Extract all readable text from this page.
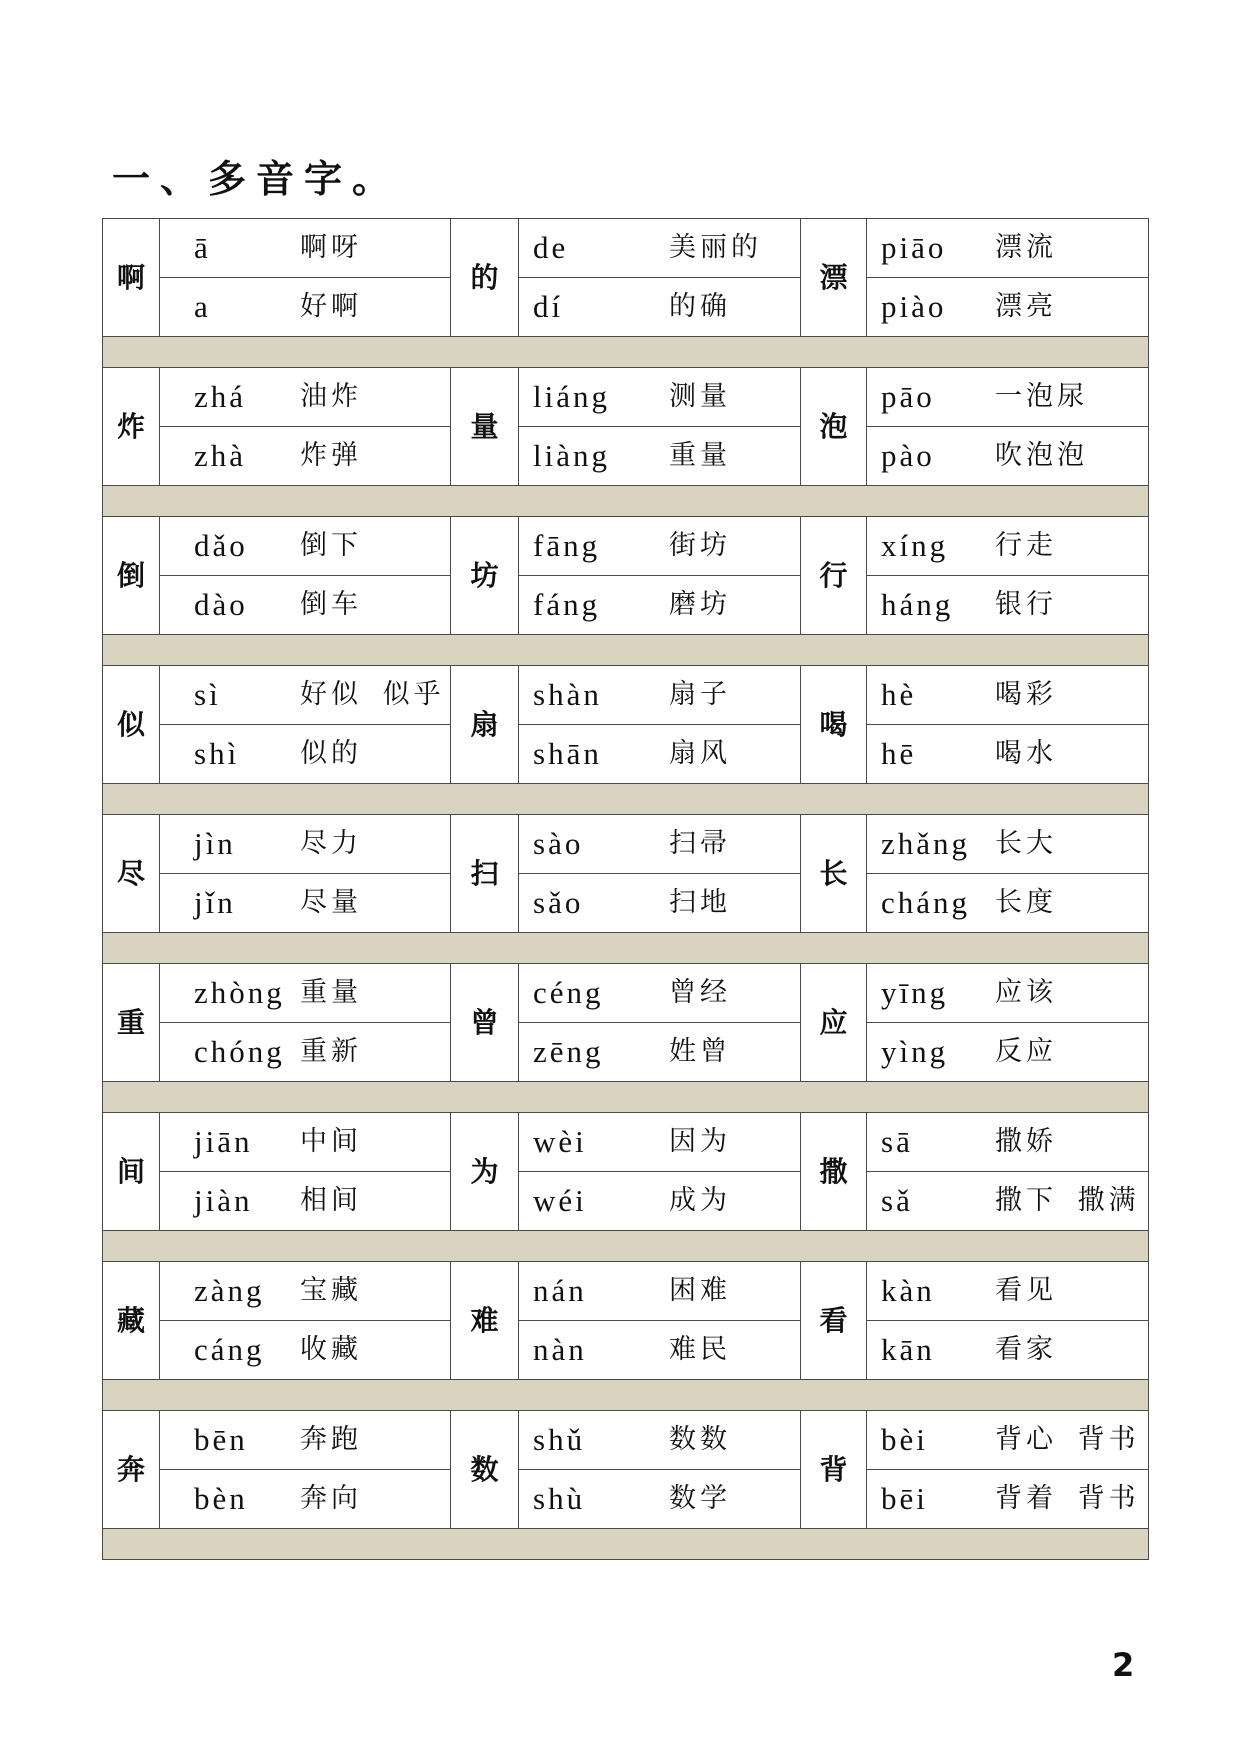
一、多音字。
啊	ā 啊呀	的	de 美丽的	漂	piāo 漂流
	a 好啊		dí 的确		piào 漂亮

炸	zhá 油炸	量	liáng 测量	泡	pāo 一泡尿
	zhà 炸弹		liàng 重量		pào 吹泡泡

倒	dǎo 倒下	坊	fāng 街坊	行	xíng 行走
	dào 倒车		fáng 磨坊		háng 银行

似	sì 好似 似乎	扇	shàn 扇子	喝	hè 喝彩
	shì 似的		shān 扇风		hē 喝水

尽	jìn 尽力	扫	sào 扫帚	长	zhǎng 长大
	jǐn 尽量		sǎo 扫地		cháng 长度

重	zhòng 重量	曾	céng 曾经	应	yīng 应该
	chóng 重新		zēng 姓曾		yìng 反应

间	jiān 中间	为	wèi 因为	撒	sā 撒娇
	jiàn 相间		wéi 成为		sǎ 撒下 撒满

藏	zàng 宝藏	难	nán 困难	看	kàn 看见
	cáng 收藏		nàn 难民		kān 看家

奔	bēn 奔跑	数	shǔ 数数	背	bèi 背心 背书
	bèn 奔向		shù 数学		bēi 背着 背书

2
